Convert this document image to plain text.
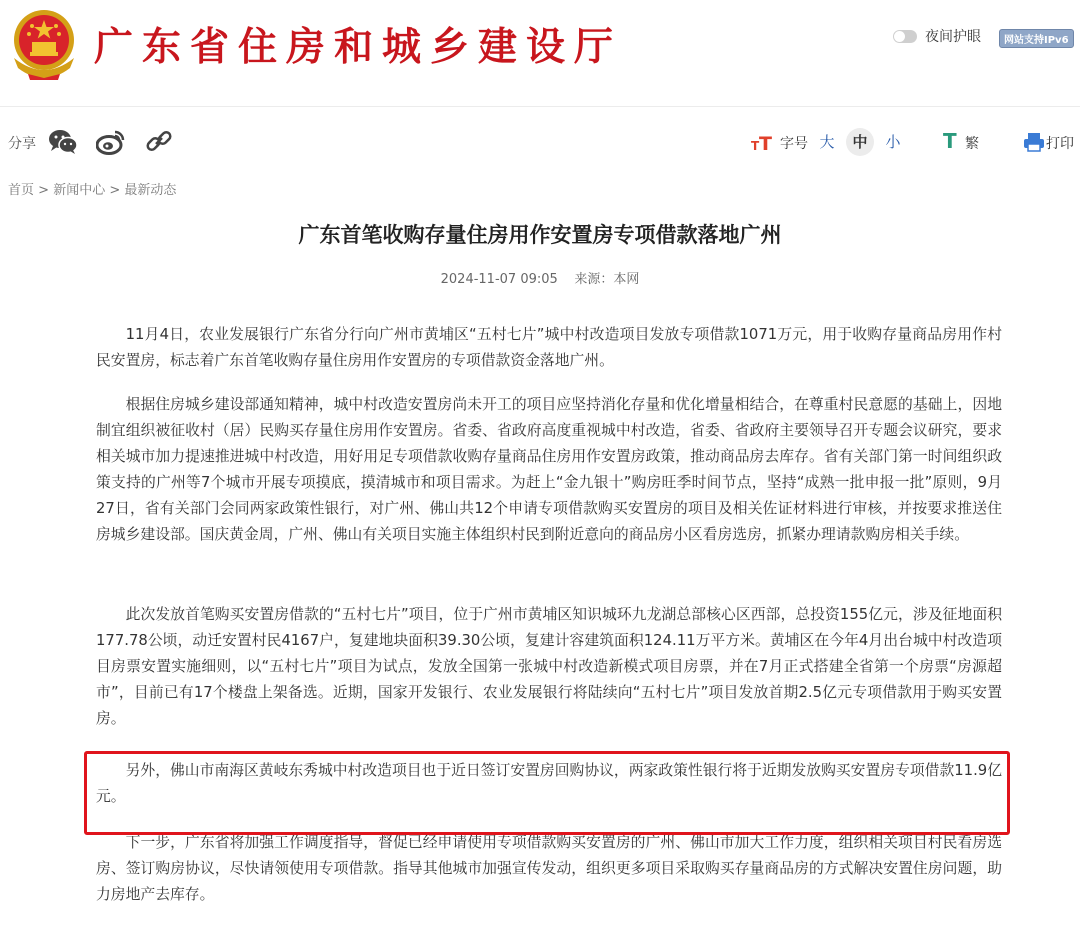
广东省住房和城乡建设厅	夜间护眼	网站支持IPv6
分享	T T 字号 大	中	小	T 繁	打印
首页 > 新闻中心 > 最新动态
广东首笔收购存量住房用作安置房专项借款落地广州
2024-11-07 09:05 来源：本网

11月4日，农业发展银行广东省分行向广州市黄埔区“五村七片”城中村改造项目发放专项借款1071万元，用于收购存量商品房用作村民安置房，标志着广东首笔收购存量住房用作安置房的专项借款资金落地广州。

根据住房城乡建设部通知精神，城中村改造安置房尚未开工的项目应坚持消化存量和优化增量相结合，在尊重村民意愿的基础上，因地制宜组织被征收村（居）民购买存量住房用作安置房。省委、省政府高度重视城中村改造，省委、省政府主要领导召开专题会议研究，要求相关城市加力提速推进城中村改造，用好用足专项借款收购存量商品住房用作安置房政策，推动商品房去库存。省有关部门第一时间组织政策支持的广州等7个城市开展专项摸底，摸清城市和项目需求。为赶上“金九银十”购房旺季时间节点，坚持“成熟一批申报一批”原则，9月27日，省有关部门会同两家政策性银行，对广州、佛山共12个申请专项借款购买安置房的项目及相关佐证材料进行审核，并按要求推送住房城乡建设部。国庆黄金周，广州、佛山有关项目实施主体组织村民到附近意向的商品房小区看房选房，抓紧办理请款购房相关手续。

此次发放首笔购买安置房借款的“五村七片”项目，位于广州市黄埔区知识城环九龙湖总部核心区西部，总投资155亿元，涉及征地面积177.78公顷，动迁安置村民4167户，复建地块面积39.30公顷，复建计容建筑面积124.11万平方米。黄埔区在今年4月出台城中村改造项目房票安置实施细则，以“五村七片”项目为试点，发放全国第一张城中村改造新模式项目房票，并在7月正式搭建全省第一个房票“房源超市”，目前已有17个楼盘上架备选。近期，国家开发银行、农业发展银行将陆续向“五村七片”项目发放首期2.5亿元专项借款用于购买安置房。

另外，佛山市南海区黄岐东秀城中村改造项目也于近日签订安置房回购协议，两家政策性银行将于近期发放购买安置房专项借款11.9亿元。

下一步，广东省将加强工作调度指导，督促已经申请使用专项借款购买安置房的广州、佛山市加大工作力度，组织相关项目村民看房选房、签订购房协议，尽快请领使用专项借款。指导其他城市加强宣传发动，组织更多项目采取购买存量商品房的方式解决安置住房问题，助力房地产去库存。
